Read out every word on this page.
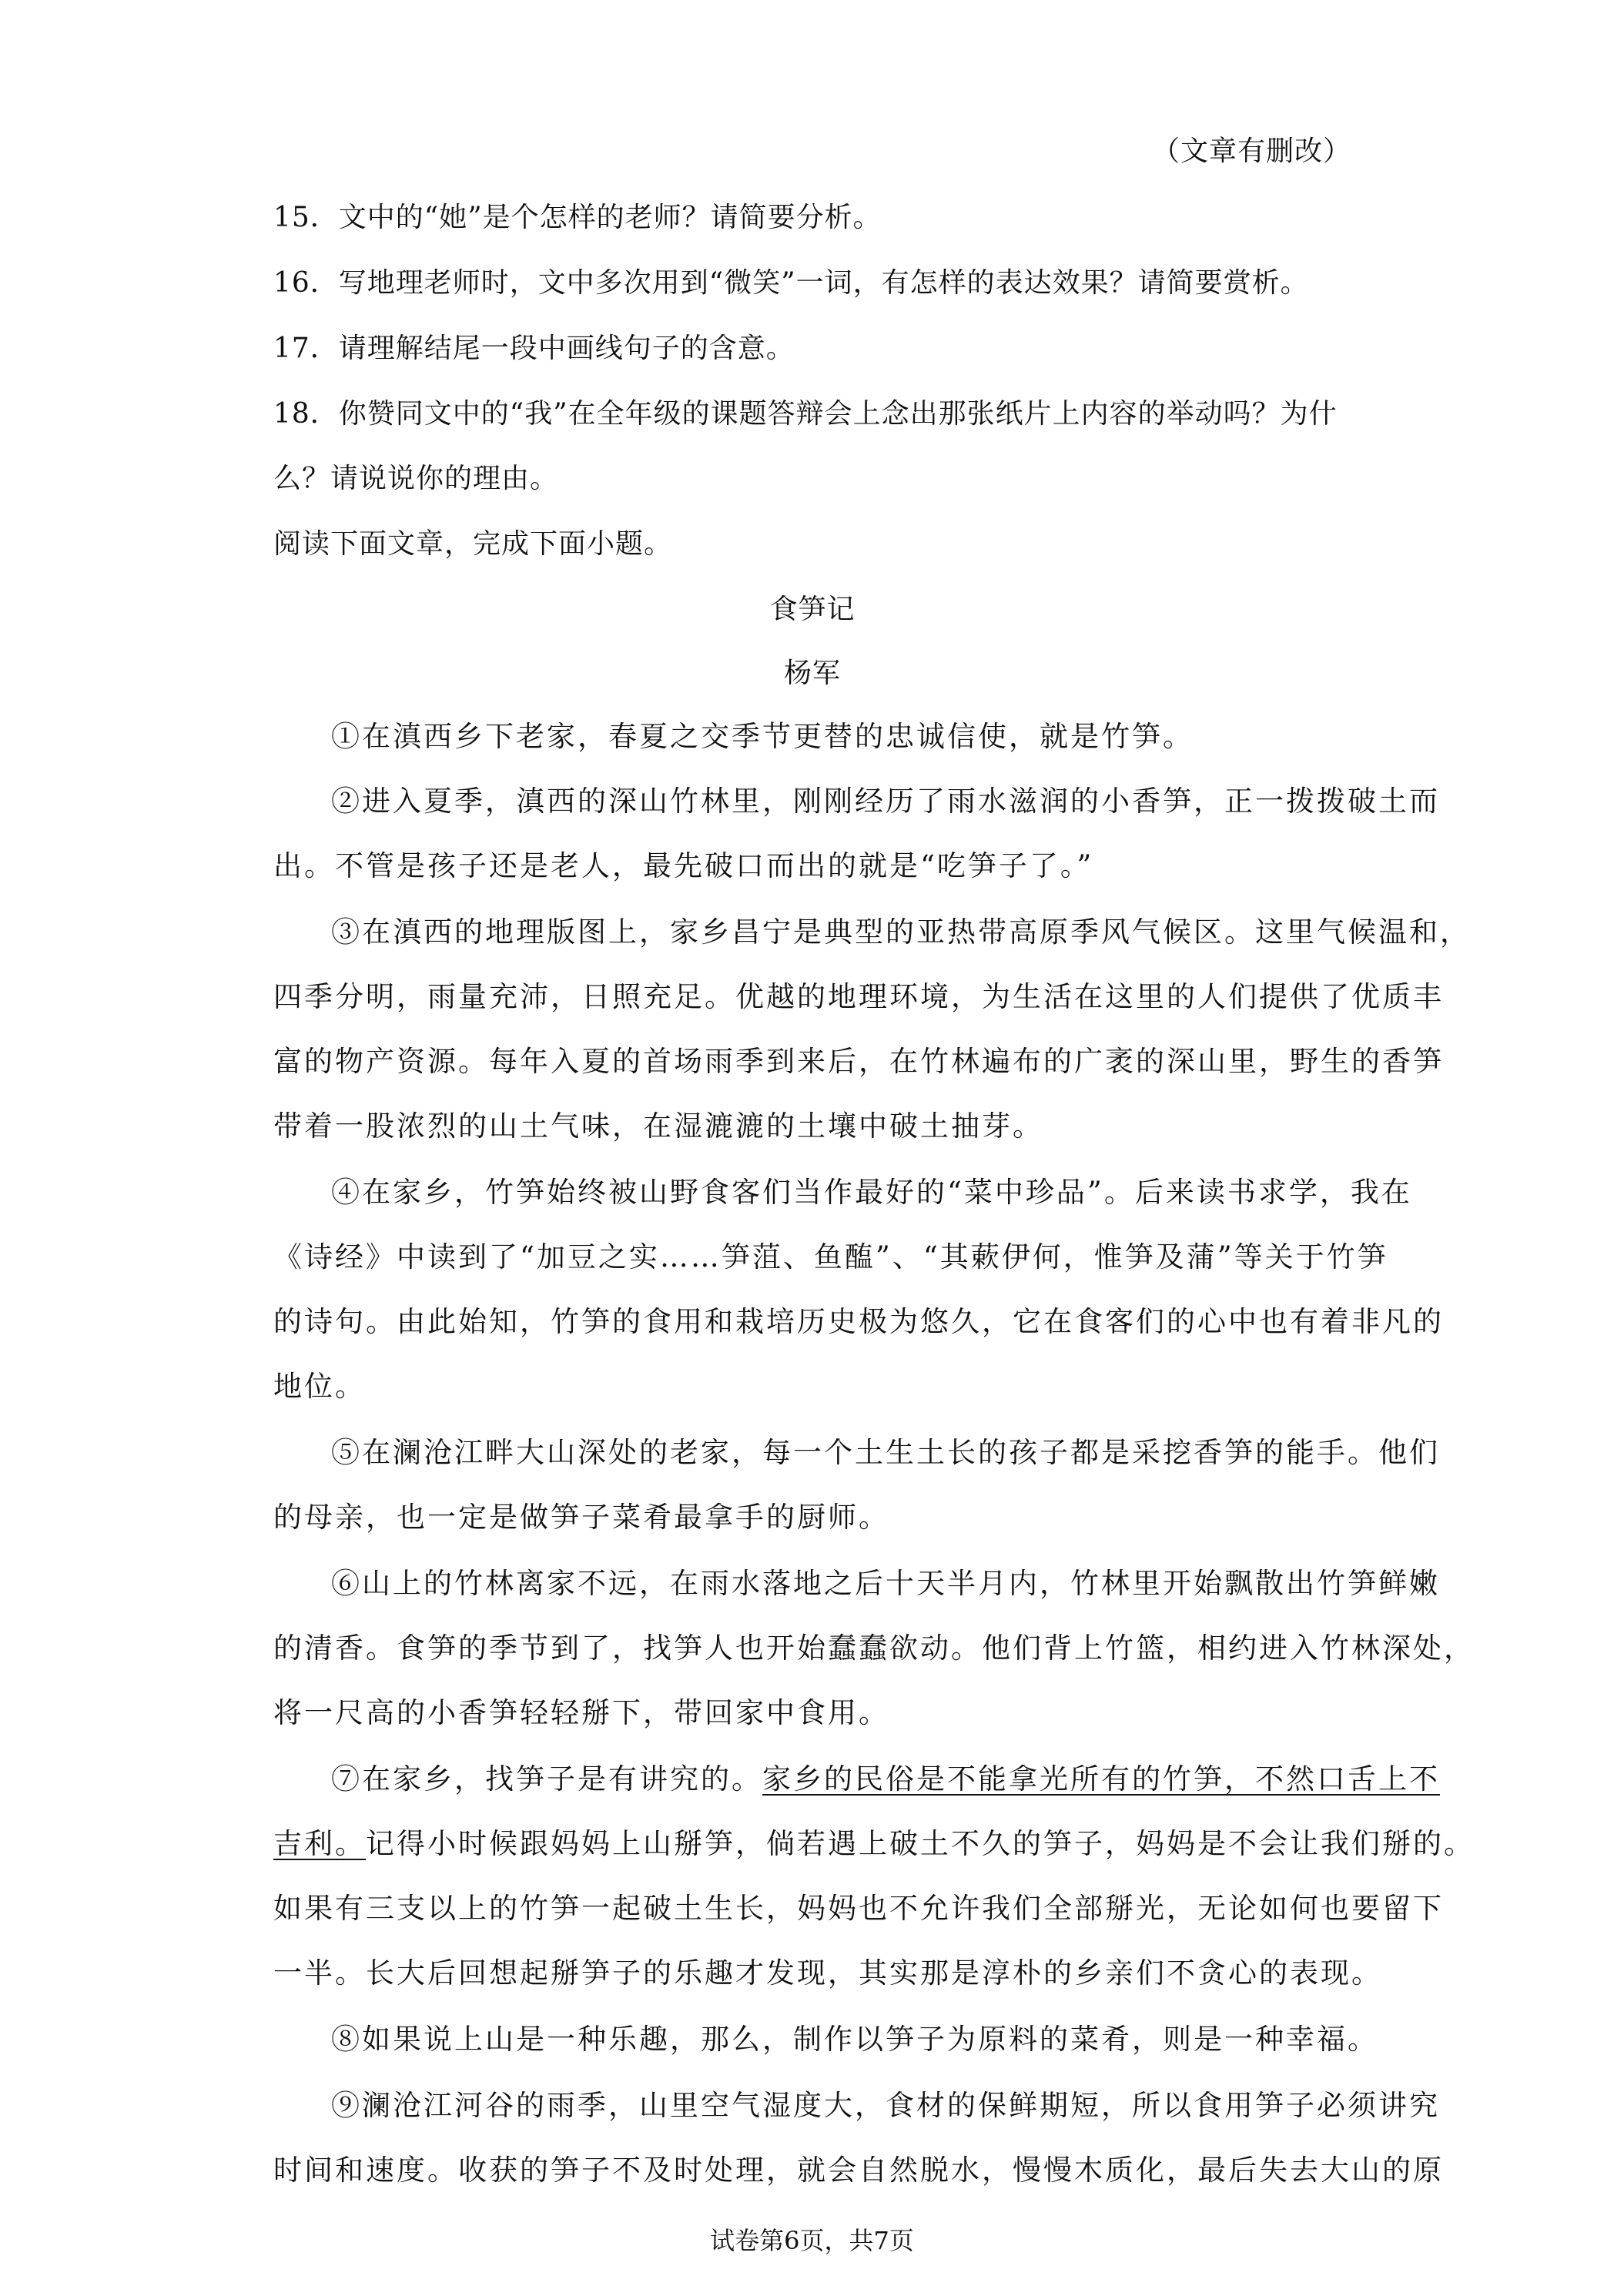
（文章有删改）
15．文中的“她”是个怎样的老师？请简要分析。
16．写地理老师时，文中多次用到“微笑”一词，有怎样的表达效果？请简要赏析。
17．请理解结尾一段中画线句子的含意。
18．你赞同文中的“我”在全年级的课题答辩会上念出那张纸片上内容的举动吗？为什
么？请说说你的理由。
阅读下面文章，完成下面小题。
食笋记
杨军
①在滇西乡下老家，春夏之交季节更替的忠诚信使，就是竹笋。
②进入夏季，滇西的深山竹林里，刚刚经历了雨水滋润的小香笋，正一拨拨破土而
出。不管是孩子还是老人，最先破口而出的就是“吃笋子了。”
③在滇西的地理版图上，家乡昌宁是典型的亚热带高原季风气候区。这里气候温和，
四季分明，雨量充沛，日照充足。优越的地理环境，为生活在这里的人们提供了优质丰
富的物产资源。每年入夏的首场雨季到来后，在竹林遍布的广袤的深山里，野生的香笋
带着一股浓烈的山土气味，在湿漉漉的土壤中破土抽芽。
④在家乡，竹笋始终被山野食客们当作最好的“菜中珍品”。后来读书求学，我在
《诗经》中读到了“加豆之实……笋菹、鱼醢”、“其蔌伊何，惟笋及蒲”等关于竹笋
的诗句。由此始知，竹笋的食用和栽培历史极为悠久，它在食客们的心中也有着非凡的
地位。
⑤在澜沧江畔大山深处的老家，每一个土生土长的孩子都是采挖香笋的能手。他们
的母亲，也一定是做笋子菜肴最拿手的厨师。
⑥山上的竹林离家不远，在雨水落地之后十天半月内，竹林里开始飘散出竹笋鲜嫩
的清香。食笋的季节到了，找笋人也开始蠢蠢欲动。他们背上竹篮，相约进入竹林深处，
将一尺高的小香笋轻轻掰下，带回家中食用。
⑦在家乡，找笋子是有讲究的。家乡的民俗是不能拿光所有的竹笋，不然口舌上不
吉利。记得小时候跟妈妈上山掰笋，倘若遇上破土不久的笋子，妈妈是不会让我们掰的。
如果有三支以上的竹笋一起破土生长，妈妈也不允许我们全部掰光，无论如何也要留下
一半。长大后回想起掰笋子的乐趣才发现，其实那是淳朴的乡亲们不贪心的表现。
⑧如果说上山是一种乐趣，那么，制作以笋子为原料的菜肴，则是一种幸福。
⑨澜沧江河谷的雨季，山里空气湿度大，食材的保鲜期短，所以食用笋子必须讲究
时间和速度。收获的笋子不及时处理，就会自然脱水，慢慢木质化，最后失去大山的原
试卷第6页，共7页
